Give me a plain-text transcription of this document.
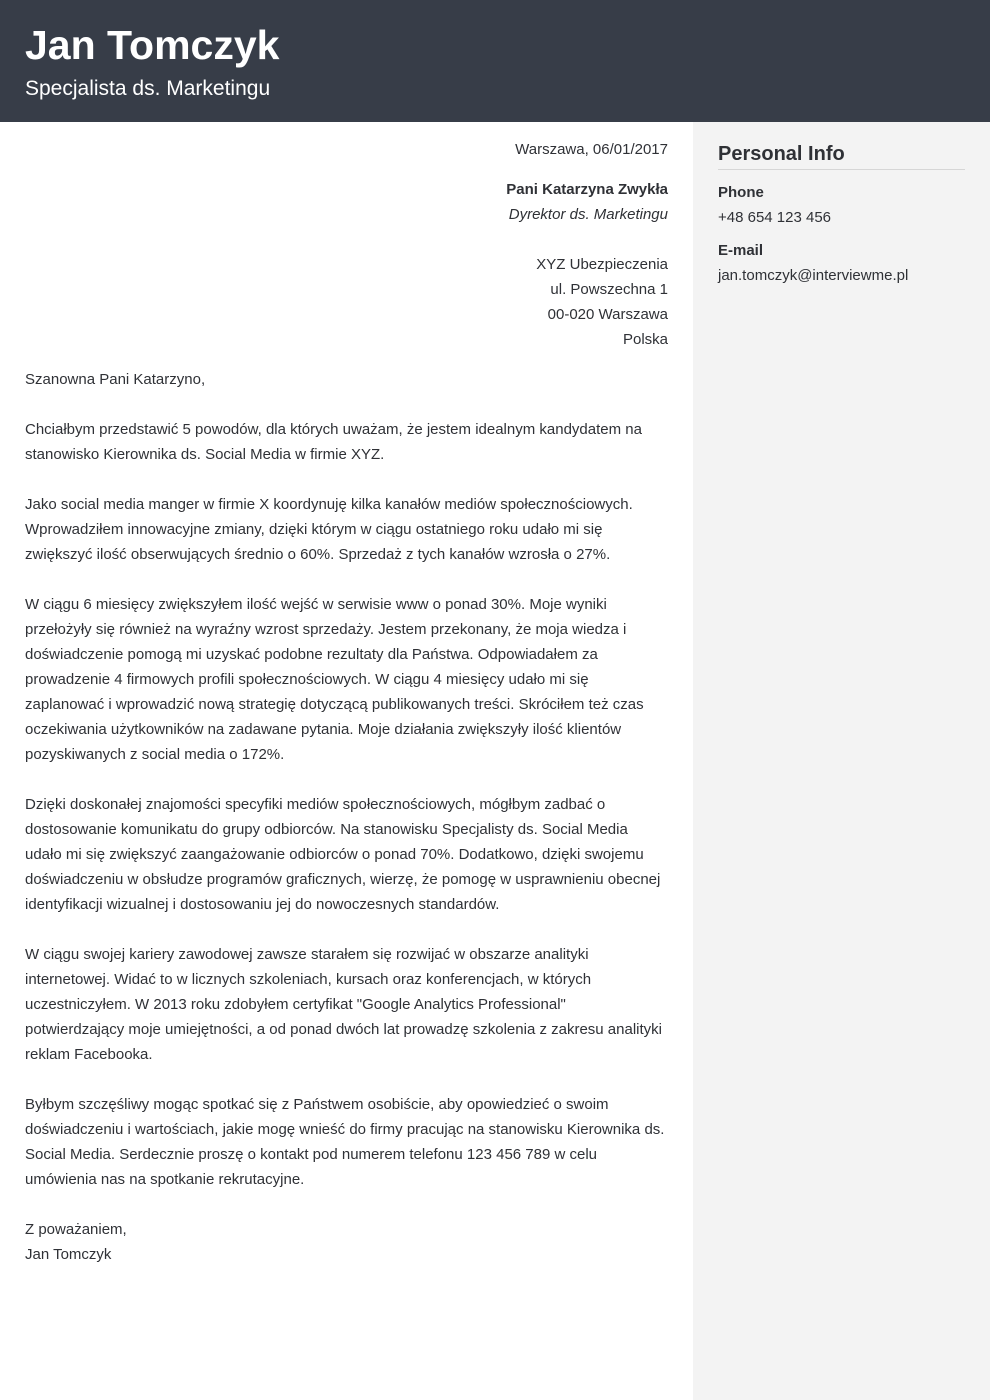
Jan Tomczyk
Specjalista ds. Marketingu
Warszawa, 06/01/2017
Pani Katarzyna Zwykła
Dyrektor ds. Marketingu
XYZ Ubezpieczenia
ul. Powszechna 1
00-020 Warszawa
Polska
Szanowna Pani Katarzyno,
Chciałbym przedstawić 5 powodów, dla których uważam, że jestem idealnym kandydatem na stanowisko Kierownika ds. Social Media w firmie XYZ.
Jako social media manger w firmie X koordynuję kilka kanałów mediów społecznościowych. Wprowadziłem innowacyjne zmiany, dzięki którym w ciągu ostatniego roku udało mi się zwiększyć ilość obserwujących średnio o 60%. Sprzedaż z tych kanałów wzrosła o 27%.
W ciągu 6 miesięcy zwiększyłem ilość wejść w serwisie www o ponad 30%. Moje wyniki przełożyły się również na wyraźny wzrost sprzedaży. Jestem przekonany, że moja wiedza i doświadczenie pomogą mi uzyskać podobne rezultaty dla Państwa. Odpowiadałem za prowadzenie 4 firmowych profili społecznościowych. W ciągu 4 miesięcy udało mi się zaplanować i wprowadzić nową strategię dotyczącą publikowanych treści. Skróciłem też czas oczekiwania użytkowników na zadawane pytania. Moje działania zwiększyły ilość klientów pozyskiwanych z social media o 172%.
Dzięki doskonałej znajomości specyfiki mediów społecznościowych, mógłbym zadbać o dostosowanie komunikatu do grupy odbiorców. Na stanowisku Specjalisty ds. Social Media udało mi się zwiększyć zaangażowanie odbiorców o ponad 70%. Dodatkowo, dzięki swojemu doświadczeniu w obsłudze programów graficznych, wierzę, że pomogę w usprawnieniu obecnej identyfikacji wizualnej i dostosowaniu jej do nowoczesnych standardów.
W ciągu swojej kariery zawodowej zawsze starałem się rozwijać w obszarze analityki internetowej. Widać to w licznych szkoleniach, kursach oraz konferencjach, w których uczestniczyłem. W 2013 roku zdobyłem certyfikat "Google Analytics Professional" potwierdzający moje umiejętności, a od ponad dwóch lat prowadzę szkolenia z zakresu analityki reklam Facebooka.
Byłbym szczęśliwy mogąc spotkać się z Państwem osobiście, aby opowiedzieć o swoim doświadczeniu i wartościach, jakie mogę wnieść do firmy pracując na stanowisku Kierownika ds. Social Media. Serdecznie proszę o kontakt pod numerem telefonu 123 456 789 w celu umówienia nas na spotkanie rekrutacyjne.
Z poważaniem,
Jan Tomczyk
Personal Info
Phone
+48 654 123 456
E-mail
jan.tomczyk@interviewme.pl
